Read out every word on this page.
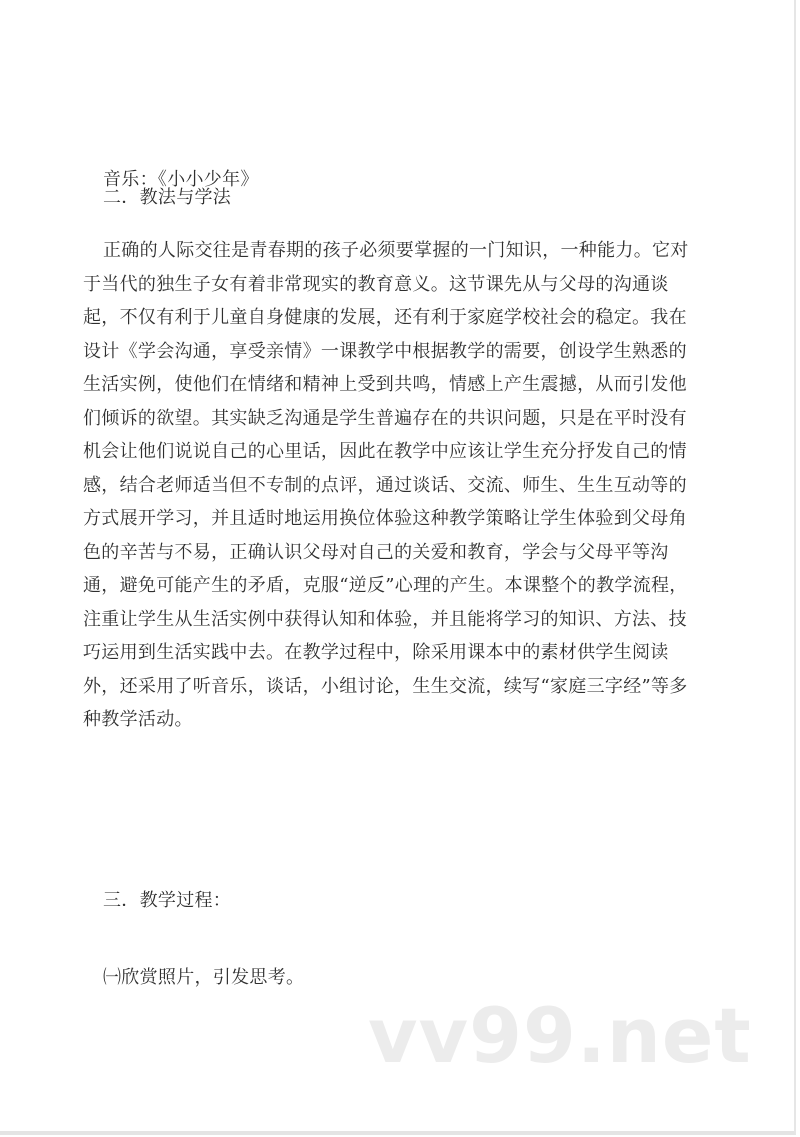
音乐：《小小少年》
二．教法与学法
正确的人际交往是青春期的孩子必须要掌握的一门知识，一种能力。它对
于当代的独生子女有着非常现实的教育意义。这节课先从与父母的沟通谈
起，不仅有利于儿童自身健康的发展，还有利于家庭学校社会的稳定。我在
设计《学会沟通，享受亲情》一课教学中根据教学的需要，创设学生熟悉的
生活实例，使他们在情绪和精神上受到共鸣，情感上产生震撼，从而引发他
们倾诉的欲望。其实缺乏沟通是学生普遍存在的共识问题，只是在平时没有
机会让他们说说自己的心里话，因此在教学中应该让学生充分抒发自己的情
感，结合老师适当但不专制的点评，通过谈话、交流、师生、生生互动等的
方式展开学习，并且适时地运用换位体验这种教学策略让学生体验到父母角
色的辛苦与不易，正确认识父母对自己的关爱和教育，学会与父母平等沟
通，避免可能产生的矛盾，克服“逆反”心理的产生。本课整个的教学流程，
注重让学生从生活实例中获得认知和体验，并且能将学习的知识、方法、技
巧运用到生活实践中去。在教学过程中，除采用课本中的素材供学生阅读
外，还采用了听音乐，谈话，小组讨论，生生交流，续写“家庭三字经”等多
种教学活动。
三．教学过程：
㈠欣赏照片，引发思考。
vv99.net
